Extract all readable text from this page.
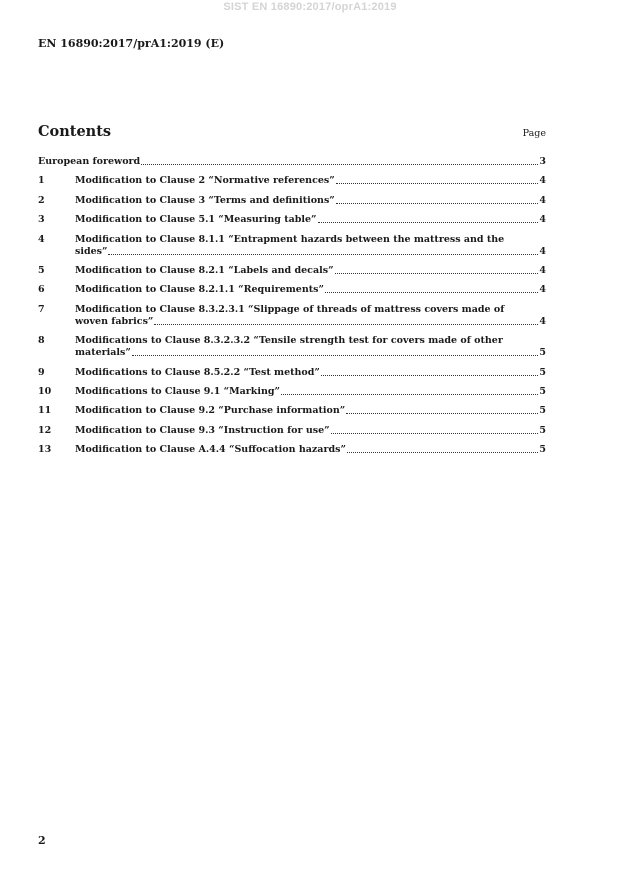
SIST EN 16890:2017/oprA1:2019
EN 16890:2017/prA1:2019 (E)
Contents	Page
European foreword	3
1	Modification to Clause 2 “Normative references”	4
2	Modification to Clause 3 “Terms and definitions”	4
3	Modification to Clause 5.1 “Measuring table”	4
4	Modification to Clause 8.1.1 “Entrapment hazards between the mattress and the
sides”	4
5	Modification to Clause 8.2.1 “Labels and decals”	4
6	Modification to Clause 8.2.1.1 “Requirements”	4
7	Modification to Clause 8.3.2.3.1 “Slippage of threads of mattress covers made of
woven fabrics”	4
8	Modifications to Clause 8.3.2.3.2 “Tensile strength test for covers made of other
materials”	5
9	Modifications to Clause 8.5.2.2 “Test method”	5
10	Modifications to Clause 9.1 “Marking”	5
11	Modification to Clause 9.2 “Purchase information”	5
12	Modification to Clause 9.3 “Instruction for use”	5
13	Modification to Clause A.4.4 “Suffocation hazards”	5
2
